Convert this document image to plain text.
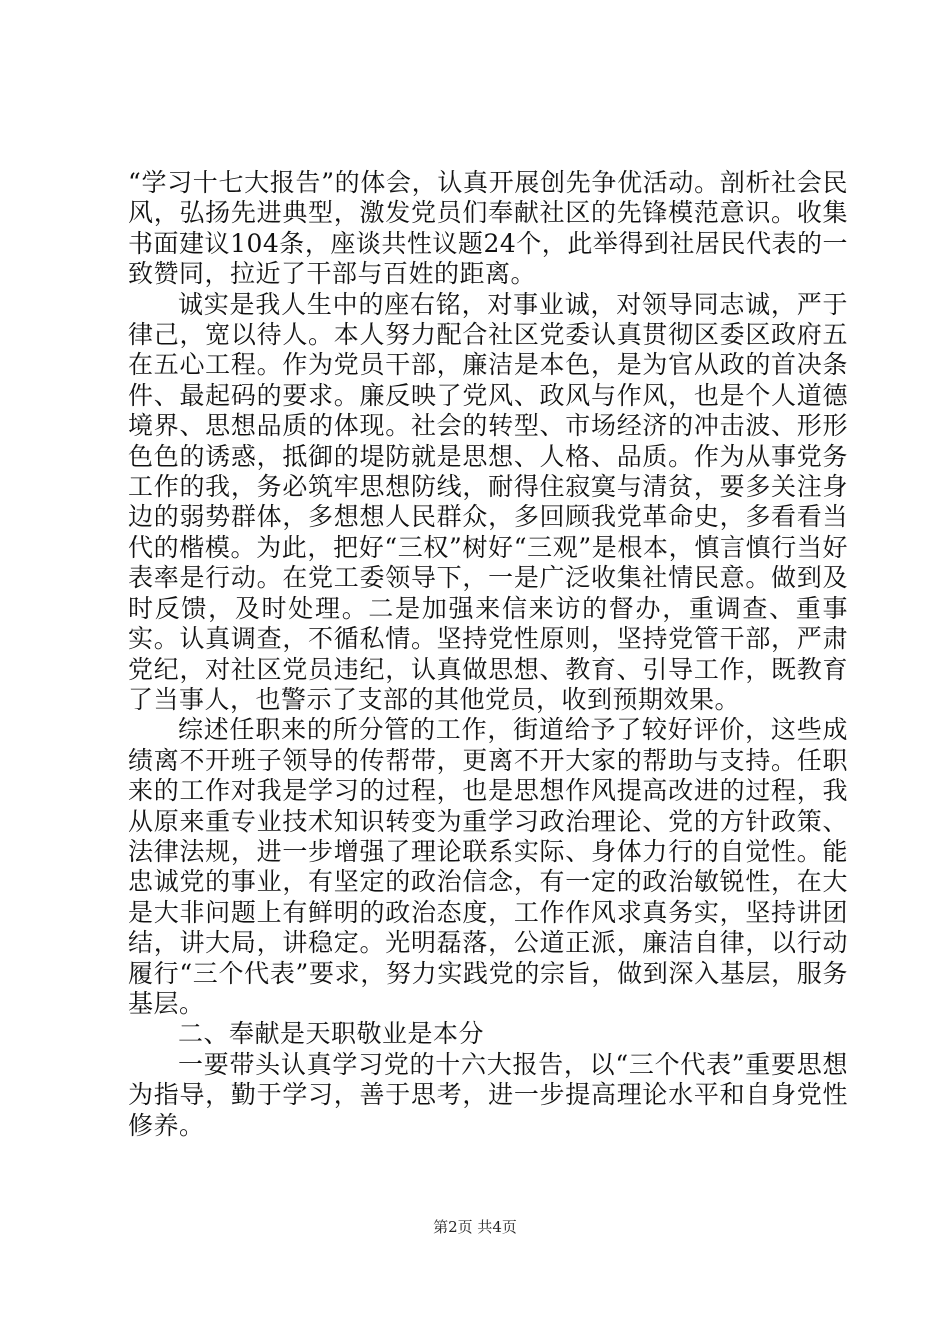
“学习十七大报告”的体会，认真开展创先争优活动。剖析社会民风，弘扬先进典型，激发党员们奉献社区的先锋模范意识。收集书面建议104条，座谈共性议题24个，此举得到社居民代表的一致赞同，拉近了干部与百姓的距离。

诚实是我人生中的座右铭，对事业诚，对领导同志诚，严于律己，宽以待人。本人努力配合社区党委认真贯彻区委区政府五在五心工程。作为党员干部，廉洁是本色，是为官从政的首决条件、最起码的要求。廉反映了党风、政风与作风，也是个人道德境界、思想品质的体现。社会的转型、市场经济的冲击波、形形色色的诱惑，抵御的堤防就是思想、人格、品质。作为从事党务工作的我，务必筑牢思想防线，耐得住寂寞与清贫，要多关注身边的弱势群体，多想想人民群众，多回顾我党革命史，多看看当代的楷模。为此，把好“三权”树好“三观”是根本，慎言慎行当好表率是行动。在党工委领导下，一是广泛收集社情民意。做到及时反馈，及时处理。二是加强来信来访的督办，重调查、重事实。认真调查，不循私情。坚持党性原则，坚持党管干部，严肃党纪，对社区党员违纪，认真做思想、教育、引导工作，既教育了当事人，也警示了支部的其他党员，收到预期效果。

综述任职来的所分管的工作，街道给予了较好评价，这些成绩离不开班子领导的传帮带，更离不开大家的帮助与支持。任职来的工作对我是学习的过程，也是思想作风提高改进的过程，我从原来重专业技术知识转变为重学习政治理论、党的方针政策、法律法规，进一步增强了理论联系实际、身体力行的自觉性。能忠诚党的事业，有坚定的政治信念，有一定的政治敏锐性，在大是大非问题上有鲜明的政治态度，工作作风求真务实，坚持讲团结，讲大局，讲稳定。光明磊落，公道正派，廉洁自律，以行动履行“三个代表”要求，努力实践党的宗旨，做到深入基层，服务基层。

二、奉献是天职敬业是本分

一要带头认真学习党的十六大报告，以“三个代表”重要思想为指导，勤于学习，善于思考，进一步提高理论水平和自身党性修养。

第2页 共4页
